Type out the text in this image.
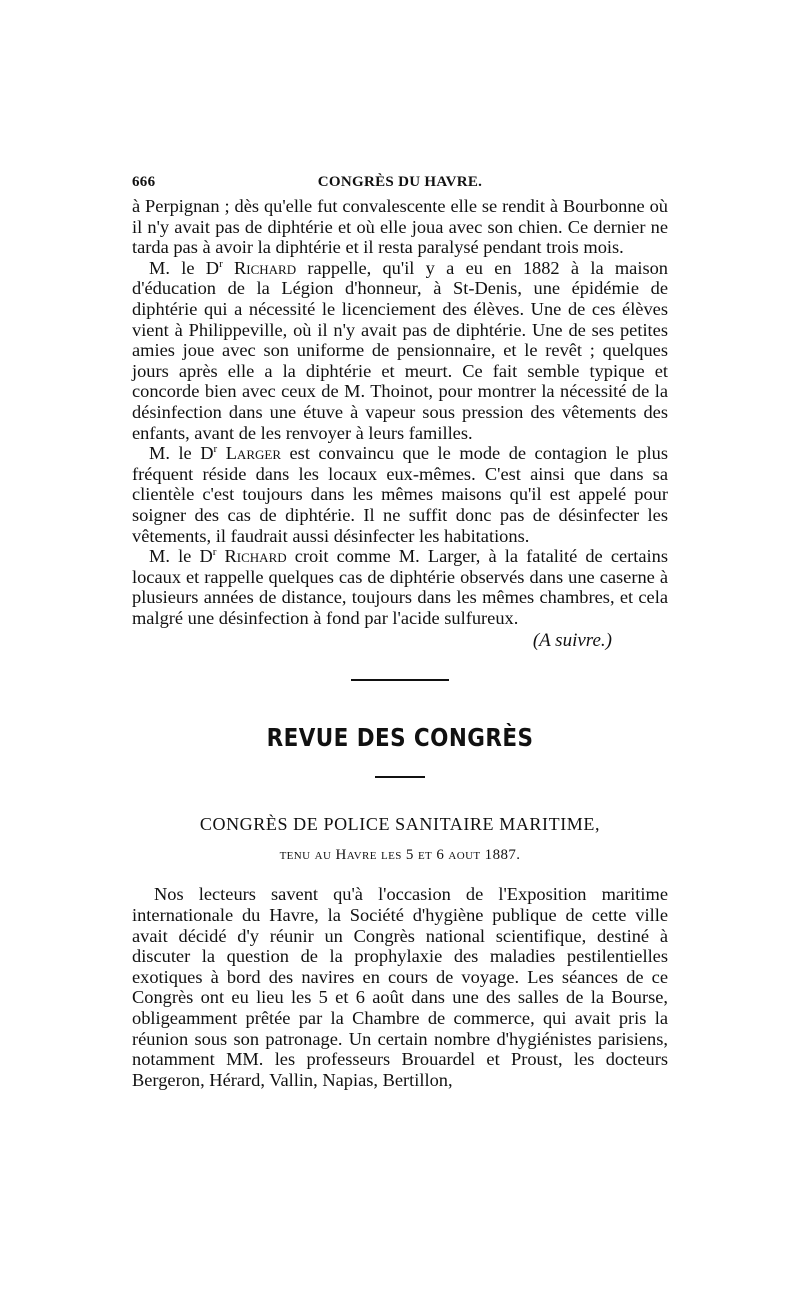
666	CONGRÈS DU HAVRE.

à Perpignan ; dès qu'elle fut convalescente elle se rendit à Bourbonne où il n'y avait pas de diphtérie et où elle joua avec son chien. Ce dernier ne tarda pas à avoir la diphtérie et il resta paralysé pendant trois mois.

M. le $D^r$ Richard rappelle, qu'il y a eu en 1882 à la maison d'éducation de la Légion d'honneur, à St-Denis, une épidémie de diphtérie qui a nécessité le licenciement des élèves. Une de ces élèves vient à Philippeville, où il n'y avait pas de diphtérie. Une de ses petites amies joue avec son uniforme de pensionnaire, et le revêt ; quelques jours après elle a la diphtérie et meurt. Ce fait semble typique et concorde bien avec ceux de M. Thoinot, pour montrer la nécessité de la désinfection dans une étuve à vapeur sous pression des vêtements des enfants, avant de les renvoyer à leurs familles.

M. le $D^r$ Larger est convaincu que le mode de contagion le plus fréquent réside dans les locaux eux-mêmes. C'est ainsi que dans sa clientèle c'est toujours dans les mêmes maisons qu'il est appelé pour soigner des cas de diphtérie. Il ne suffit donc pas de désinfecter les vêtements, il faudrait aussi désinfecter les habitations.

M. le $D^r$ Richard croit comme M. Larger, à la fatalité de certains locaux et rappelle quelques cas de diphtérie observés dans une caserne à plusieurs années de distance, toujours dans les mêmes chambres, et cela malgré une désinfection à fond par l'acide sulfureux.

(A suivre.)
REVUE DES CONGRÈS
CONGRÈS DE POLICE SANITAIRE MARITIME,
tenu au Havre les 5 et 6 aout 1887.

Nos lecteurs savent qu'à l'occasion de l'Exposition maritime internationale du Havre, la Société d'hygiène publique de cette ville avait décidé d'y réunir un Congrès national scientifique, destiné à discuter la question de la prophylaxie des maladies pestilentielles exotiques à bord des navires en cours de voyage. Les séances de ce Congrès ont eu lieu les 5 et 6 août dans une des salles de la Bourse, obligeamment prêtée par la Chambre de commerce, qui avait pris la réunion sous son patronage. Un certain nombre d'hygiénistes parisiens, notamment MM. les professeurs Brouardel et Proust, les docteurs Bergeron, Hérard, Vallin, Napias, Bertillon,
